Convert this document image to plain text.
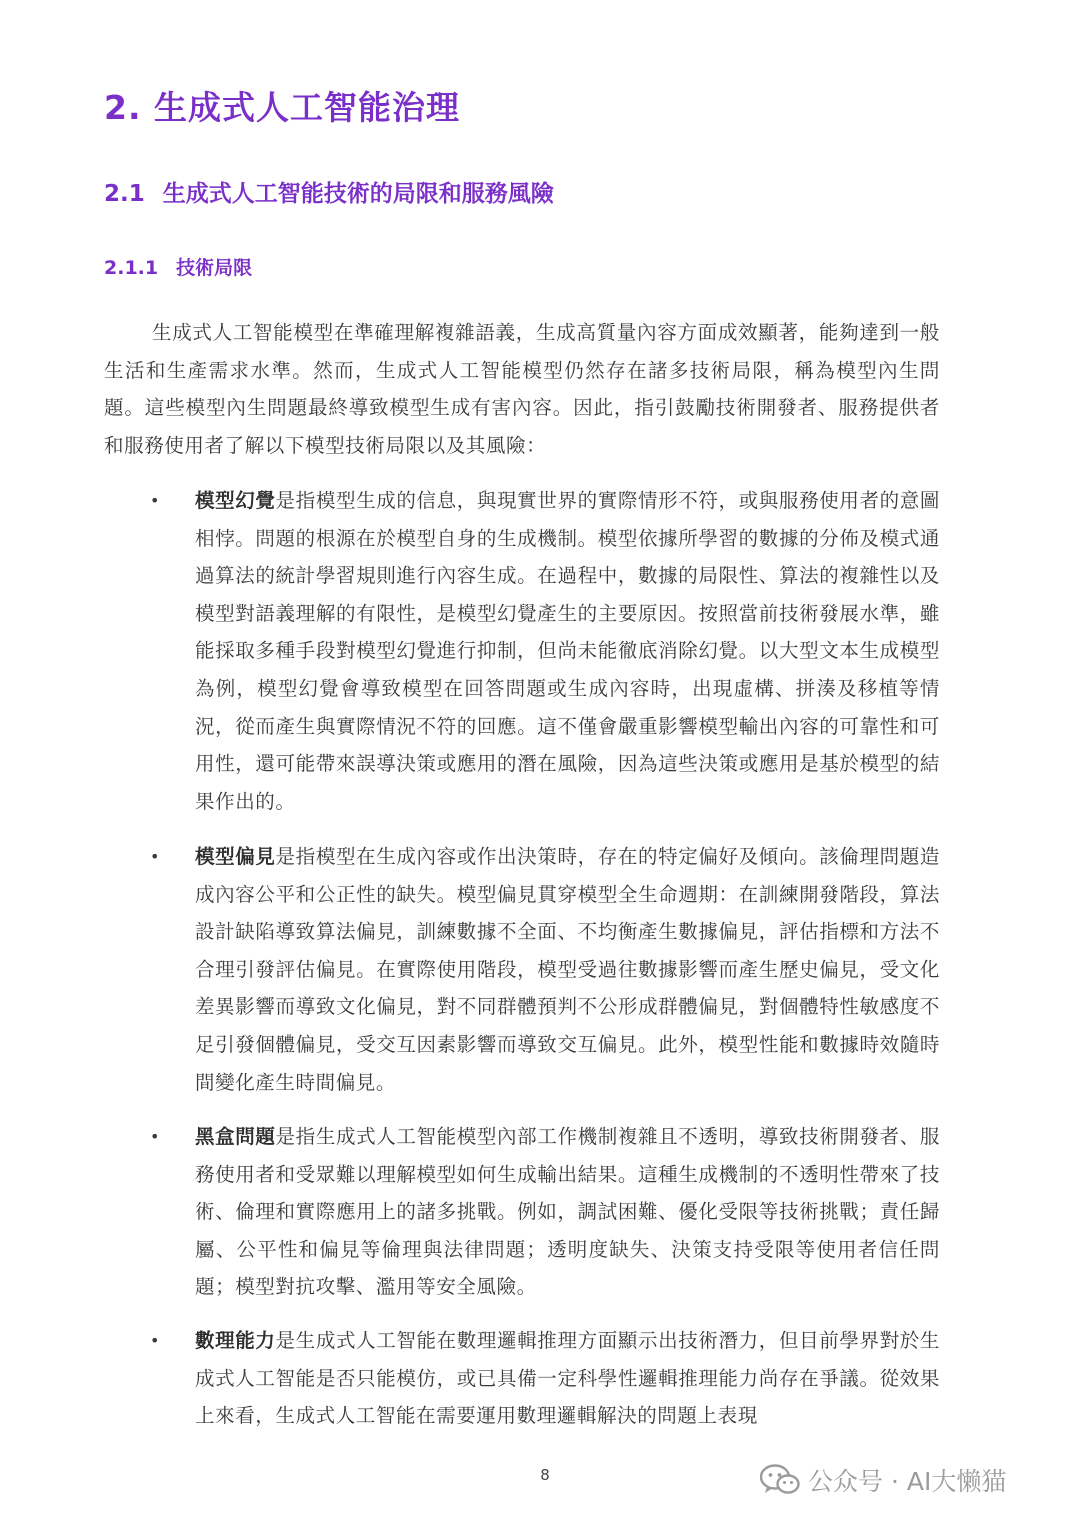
2. 生成式人工智能治理
2.1 生成式人工智能技術的局限和服務風險
2.1.1 技術局限

生成式人工智能模型在準確理解複雜語義，生成高質量內容方面成效顯著，能夠達到一般生活和生產需求水準。然而，生成式人工智能模型仍然存在諸多技術局限，稱為模型內生問題。這些模型內生問題最終導致模型生成有害內容。因此，指引鼓勵技術開發者、服務提供者和服務使用者了解以下模型技術局限以及其風險：

• 模型幻覺是指模型生成的信息，與現實世界的實際情形不符，或與服務使用者的意圖相悖。問題的根源在於模型自身的生成機制。模型依據所學習的數據的分佈及模式通過算法的統計學習規則進行內容生成。在過程中，數據的局限性、算法的複雜性以及模型對語義理解的有限性，是模型幻覺產生的主要原因。按照當前技術發展水準，雖能採取多種手段對模型幻覺進行抑制，但尚未能徹底消除幻覺。以大型文本生成模型為例，模型幻覺會導致模型在回答問題或生成內容時，出現虛構、拼湊及移植等情況，從而產生與實際情況不符的回應。這不僅會嚴重影響模型輸出內容的可靠性和可用性，還可能帶來誤導決策或應用的潛在風險，因為這些決策或應用是基於模型的結果作出的。

• 模型偏見是指模型在生成內容或作出決策時，存在的特定偏好及傾向。該倫理問題造成內容公平和公正性的缺失。模型偏見貫穿模型全生命週期：在訓練開發階段，算法設計缺陷導致算法偏見，訓練數據不全面、不均衡產生數據偏見，評估指標和方法不合理引發評估偏見。在實際使用階段，模型受過往數據影響而產生歷史偏見，受文化差異影響而導致文化偏見，對不同群體預判不公形成群體偏見，對個體特性敏感度不足引發個體偏見，受交互因素影響而導致交互偏見。此外，模型性能和數據時效隨時間變化產生時間偏見。

• 黑盒問題是指生成式人工智能模型內部工作機制複雜且不透明，導致技術開發者、服務使用者和受眾難以理解模型如何生成輸出結果。這種生成機制的不透明性帶來了技術、倫理和實際應用上的諸多挑戰。例如，調試困難、優化受限等技術挑戰；責任歸屬、公平性和偏見等倫理與法律問題；透明度缺失、決策支持受限等使用者信任問題；模型對抗攻擊、濫用等安全風險。

• 數理能力是生成式人工智能在數理邏輯推理方面顯示出技術潛力，但目前學界對於生成式人工智能是否只能模仿，或已具備一定科學性邏輯推理能力尚存在爭議。從效果上來看，生成式人工智能在需要運用數理邏輯解決的問題上表現

8	公众号 · AI大懒猫
